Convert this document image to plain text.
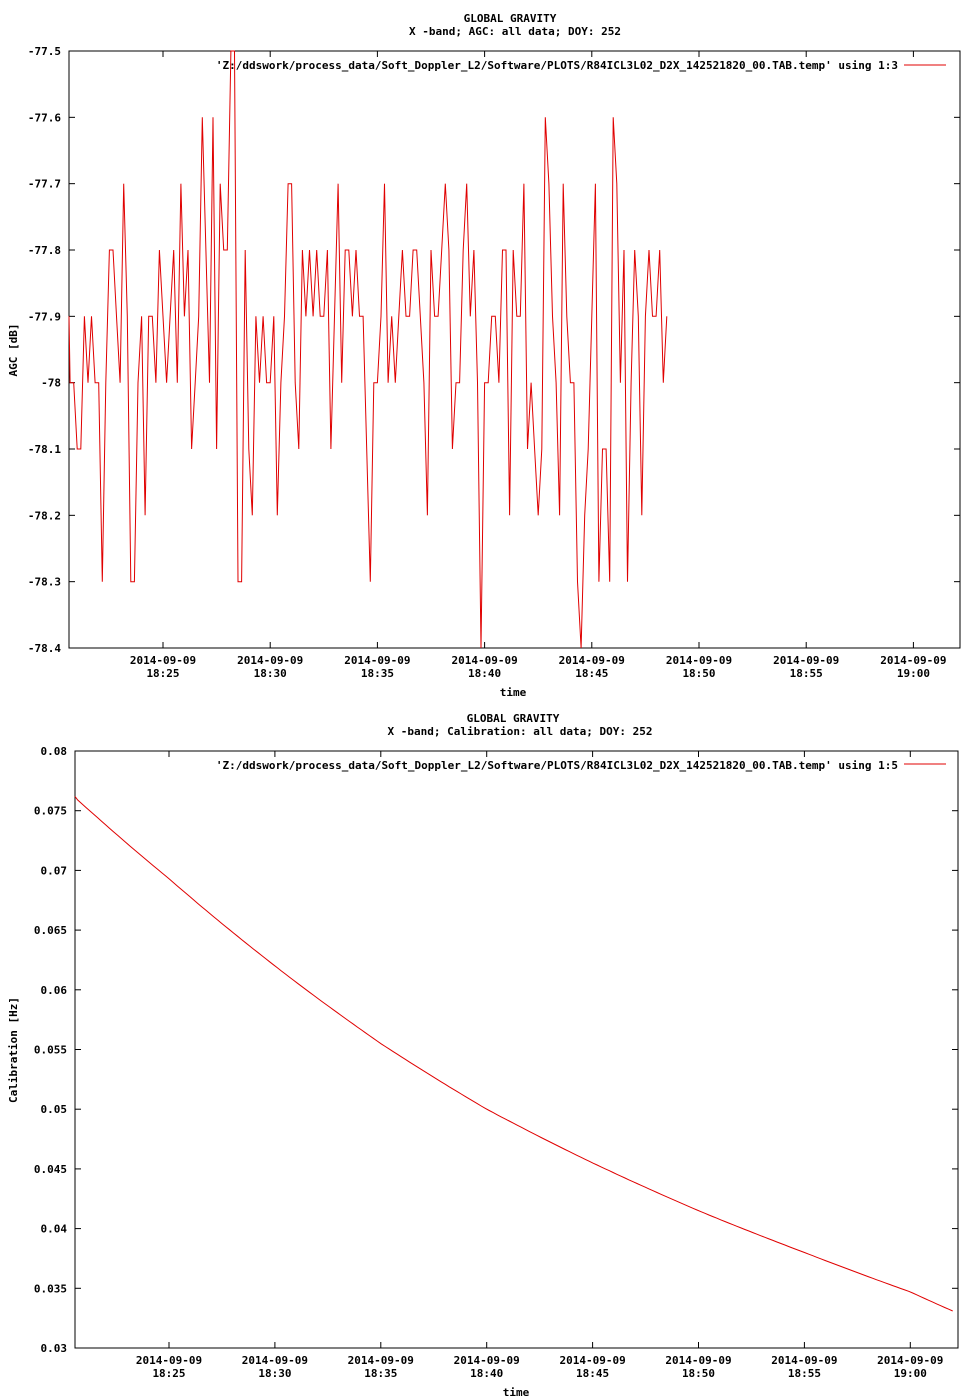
GLOBAL GRAVITY
X -band; AGC: all data; DOY: 252
'Z:/ddswork/process_data/Soft_Doppler_L2/Software/PLOTS/R84ICL3L02_D2X_142521820_00.TAB.temp' using 1:3
AGC [dB]
time
-77.5
-77.6
-77.7
-77.8
-77.9
-78
-78.1
-78.2
-78.3
-78.4
2014-09-09
18:25
2014-09-09
18:30
2014-09-09
18:35
2014-09-09
18:40
2014-09-09
18:45
2014-09-09
18:50
2014-09-09
18:55
2014-09-09
19:00
GLOBAL GRAVITY
X -band; Calibration: all data; DOY: 252
'Z:/ddswork/process_data/Soft_Doppler_L2/Software/PLOTS/R84ICL3L02_D2X_142521820_00.TAB.temp' using 1:5
Calibration [Hz]
time
0.08
0.075
0.07
0.065
0.06
0.055
0.05
0.045
0.04
0.035
0.03
2014-09-09
18:25
2014-09-09
18:30
2014-09-09
18:35
2014-09-09
18:40
2014-09-09
18:45
2014-09-09
18:50
2014-09-09
18:55
2014-09-09
19:00
